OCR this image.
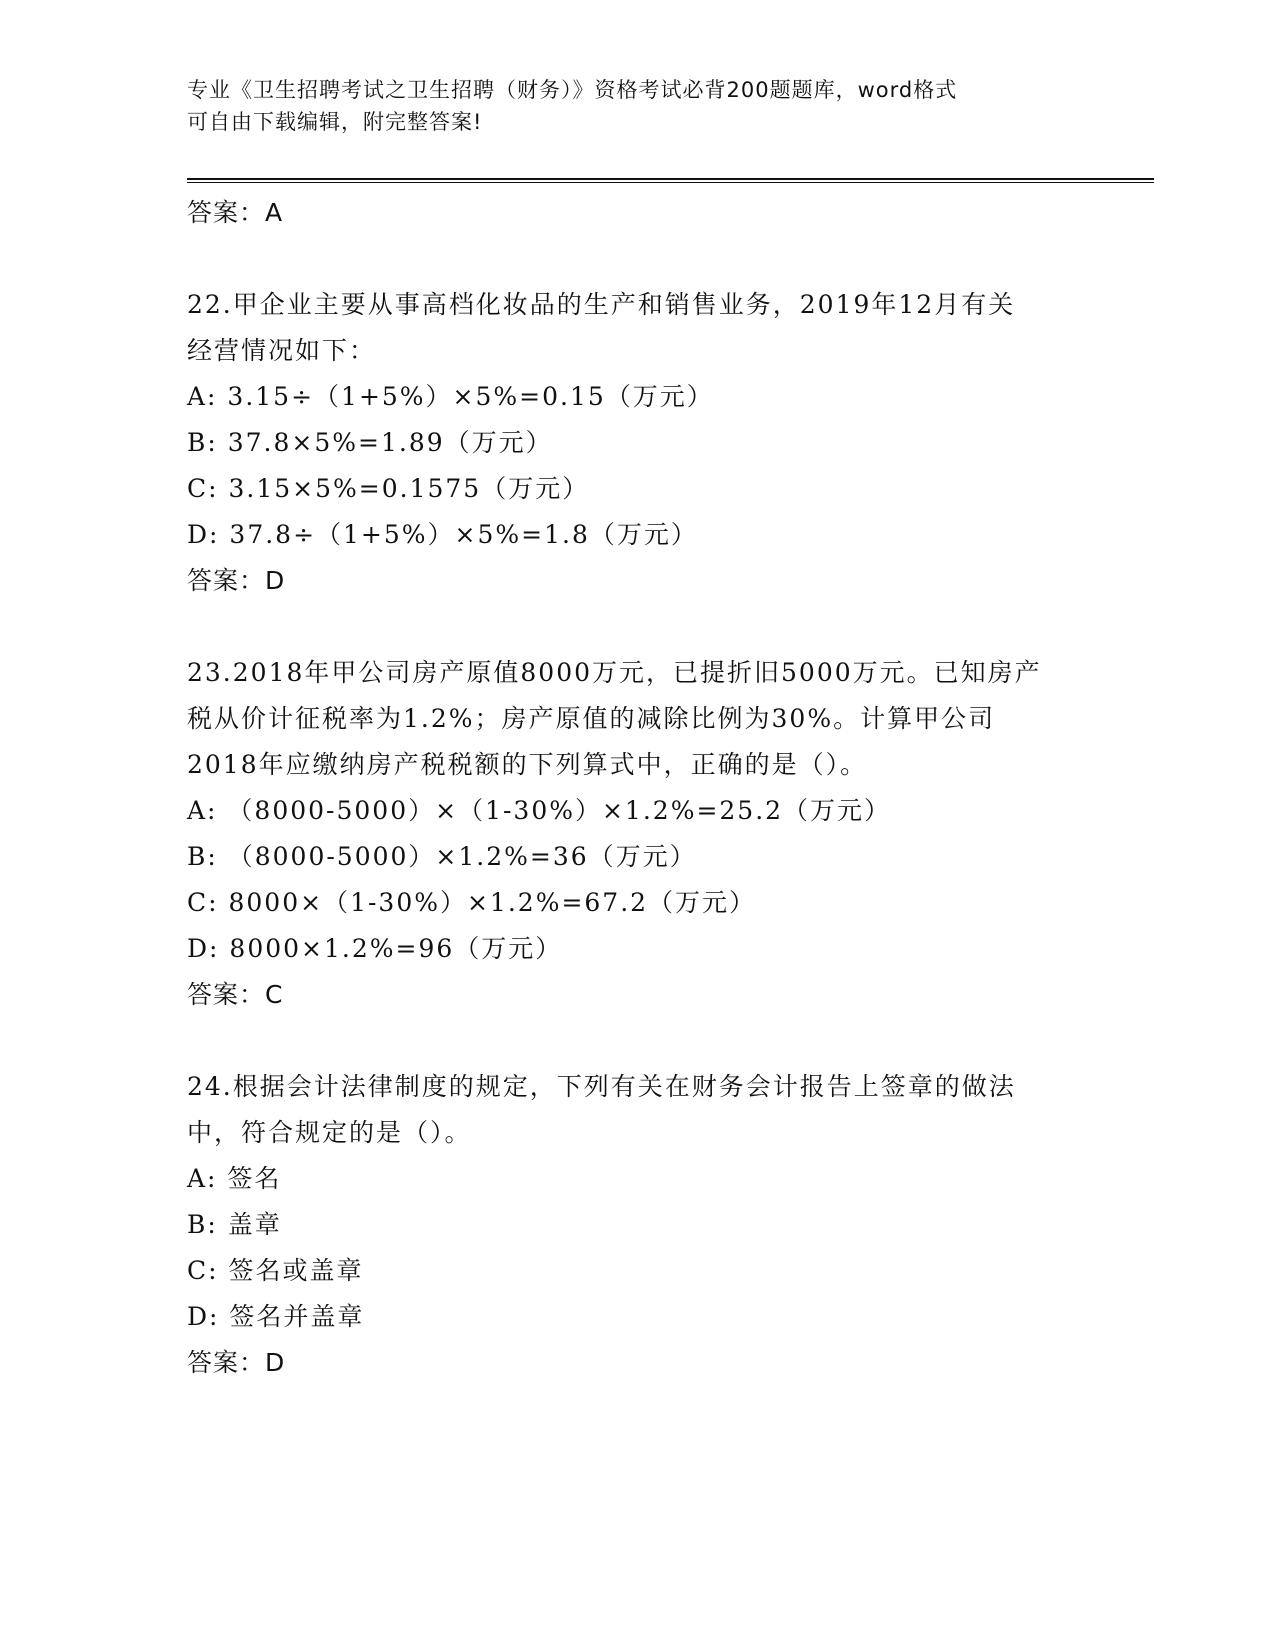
专业《卫生招聘考试之卫生招聘（财务）》资格考试必背200题题库，word格式
可自由下载编辑，附完整答案!
答案：A
22.甲企业主要从事高档化妆品的生产和销售业务，2019年12月有关
经营情况如下：
A: 3.15÷（1+5%）×5%=0.15（万元）
B: 37.8×5%=1.89（万元）
C: 3.15×5%=0.1575（万元）
D: 37.8÷（1+5%）×5%=1.8（万元）
答案：D
23.2018年甲公司房产原值8000万元，已提折旧5000万元。已知房产
税从价计征税率为1.2%；房产原值的减除比例为30%。计算甲公司
2018年应缴纳房产税税额的下列算式中，正确的是（）。
A: （8000-5000）×（1-30%）×1.2%=25.2（万元）
B: （8000-5000）×1.2%=36（万元）
C: 8000×（1-30%）×1.2%=67.2（万元）
D: 8000×1.2%=96（万元）
答案：C
24.根据会计法律制度的规定，下列有关在财务会计报告上签章的做法
中，符合规定的是（）。
A: 签名
B: 盖章
C: 签名或盖章
D: 签名并盖章
答案：D
